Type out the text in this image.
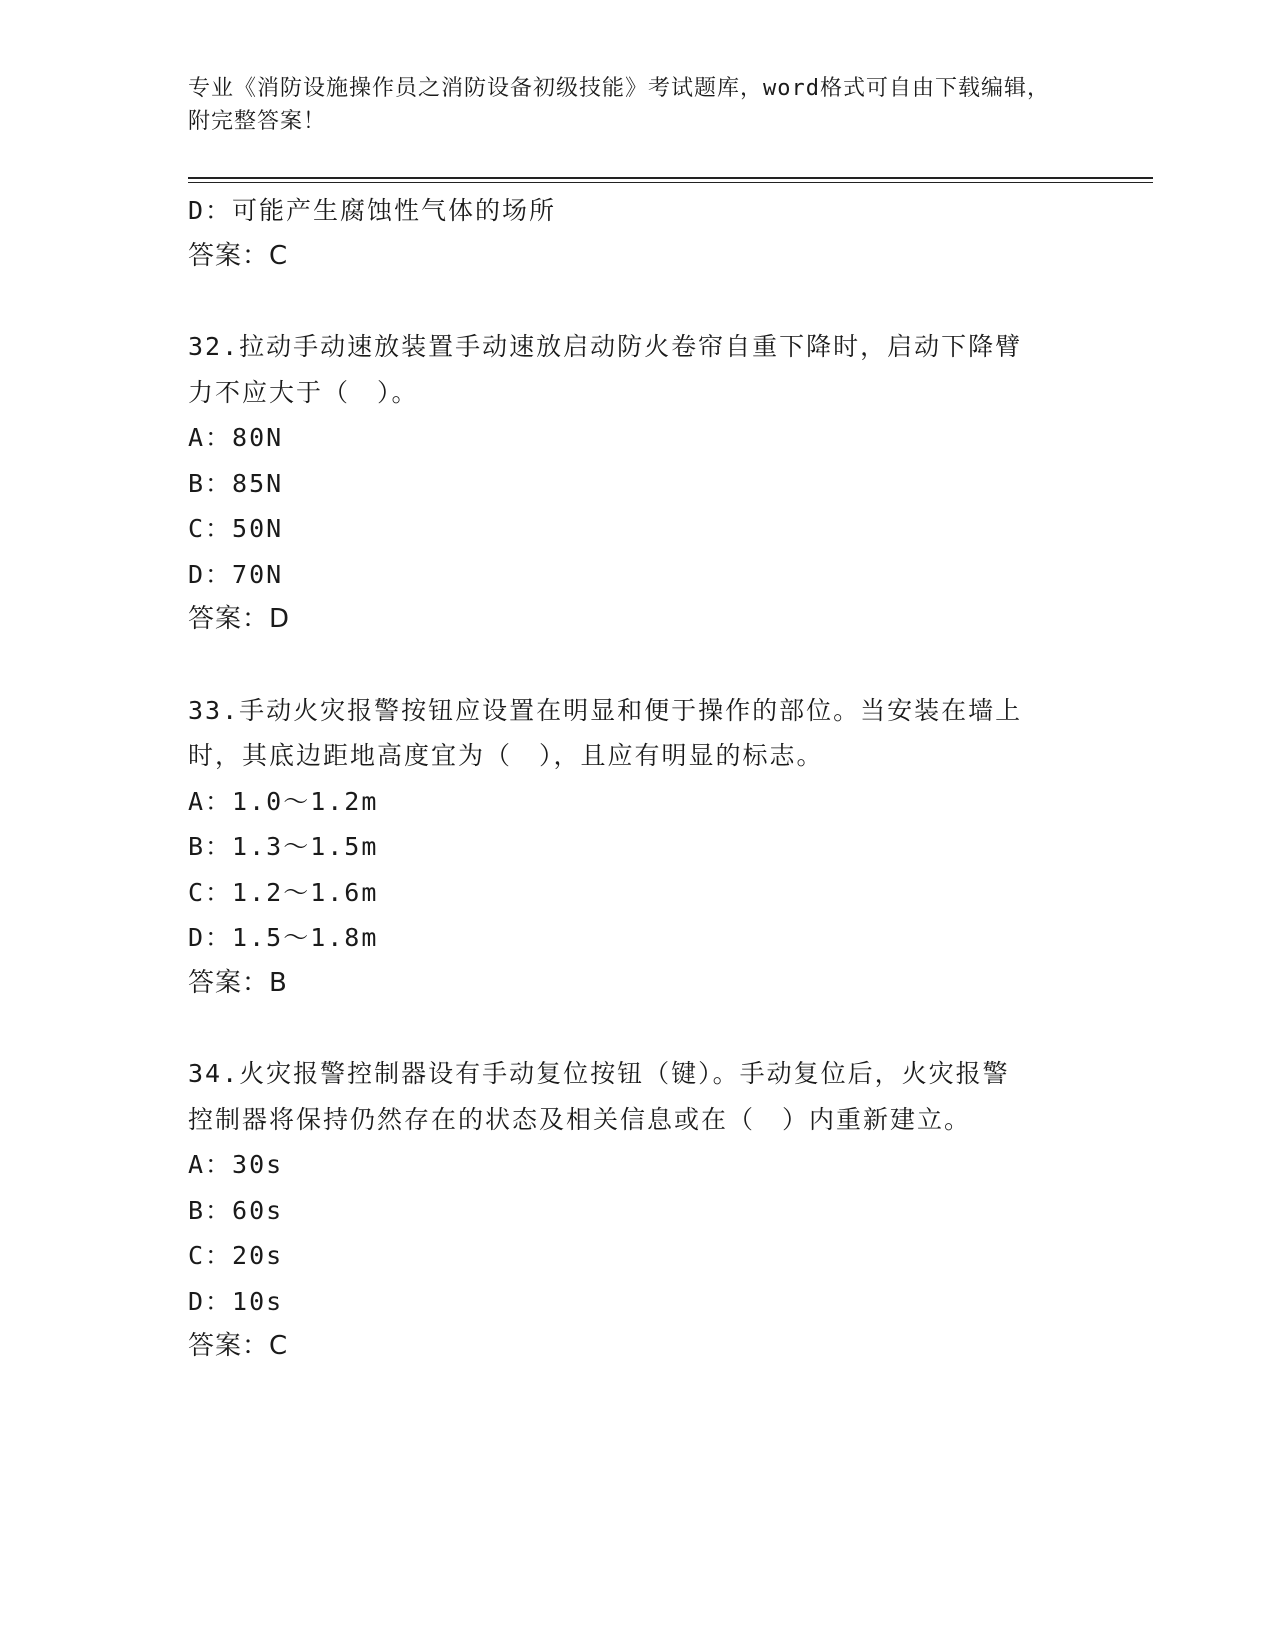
专业《消防设施操作员之消防设备初级技能》考试题库，word格式可自由下载编辑，附完整答案！
D：可能产生腐蚀性气体的场所
答案：C
32.拉动手动速放装置手动速放启动防火卷帘自重下降时，启动下降臂
力不应大于（　）。
A：80N
B：85N
C：50N
D：70N
答案：D
33.手动火灾报警按钮应设置在明显和便于操作的部位。当安装在墙上
时，其底边距地高度宜为（　），且应有明显的标志。
A：1.0～1.2m
B：1.3～1.5m
C：1.2～1.6m
D：1.5～1.8m
答案：B
34.火灾报警控制器设有手动复位按钮（键）。手动复位后，火灾报警
控制器将保持仍然存在的状态及相关信息或在（　）内重新建立。
A：30s
B：60s
C：20s
D：10s
答案：C
